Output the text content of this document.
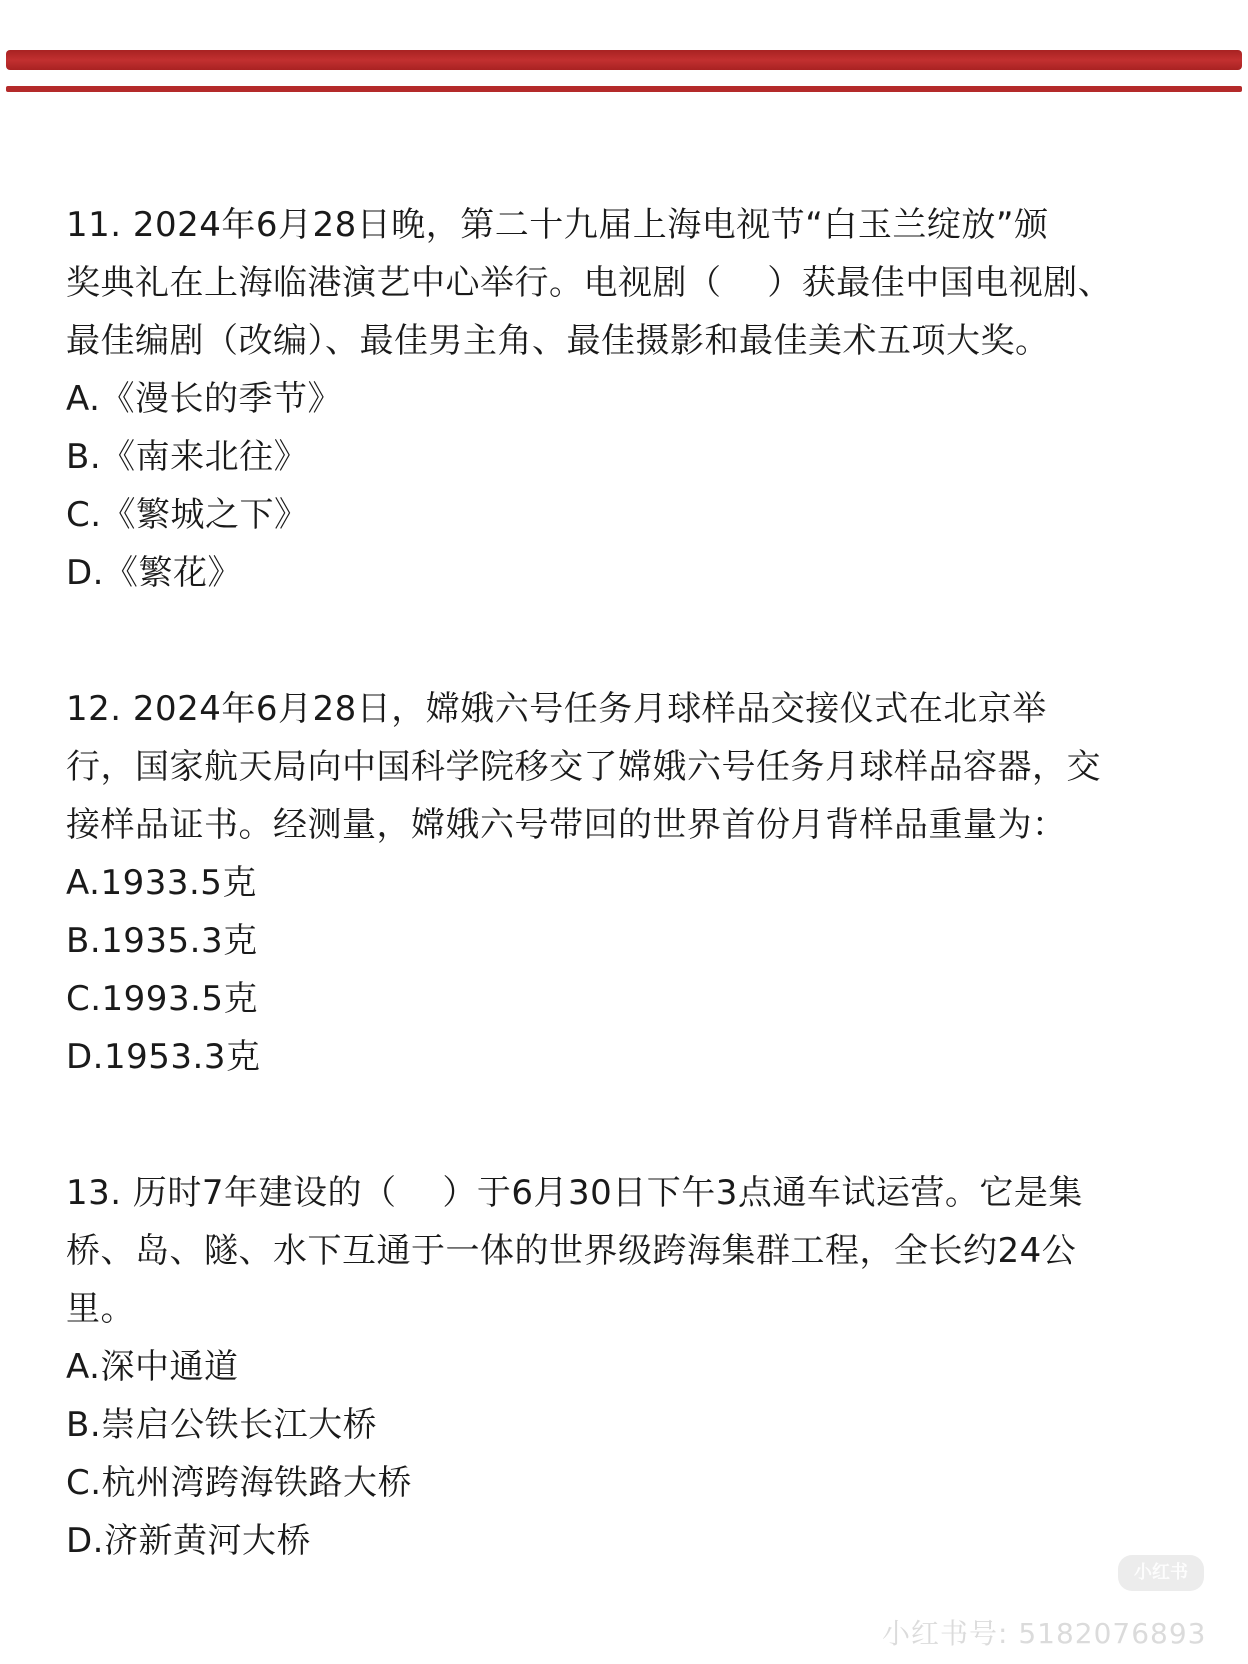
11. 2024年6月28日晚，第二十九届上海电视节“白玉兰绽放”颁
奖典礼在上海临港演艺中心举行。电视剧（　 ）获最佳中国电视剧、
最佳编剧（改编）、最佳男主角、最佳摄影和最佳美术五项大奖。

A.《漫长的季节》

B.《南来北往》

C.《繁城之下》

D.《繁花》

12. 2024年6月28日，嫦娥六号任务月球样品交接仪式在北京举
行，国家航天局向中国科学院移交了嫦娥六号任务月球样品容器，交
接样品证书。经测量，嫦娥六号带回的世界首份月背样品重量为：

A.1933.5克

B.1935.3克

C.1993.5克

D.1953.3克

13. 历时7年建设的（　 ）于6月30日下午3点通车试运营。它是集
桥、岛、隧、水下互通于一体的世界级跨海集群工程，全长约24公
里。

A.深中通道

B.崇启公铁长江大桥

C.杭州湾跨海铁路大桥

D.济新黄河大桥

小红书
小红书号: 5182076893
